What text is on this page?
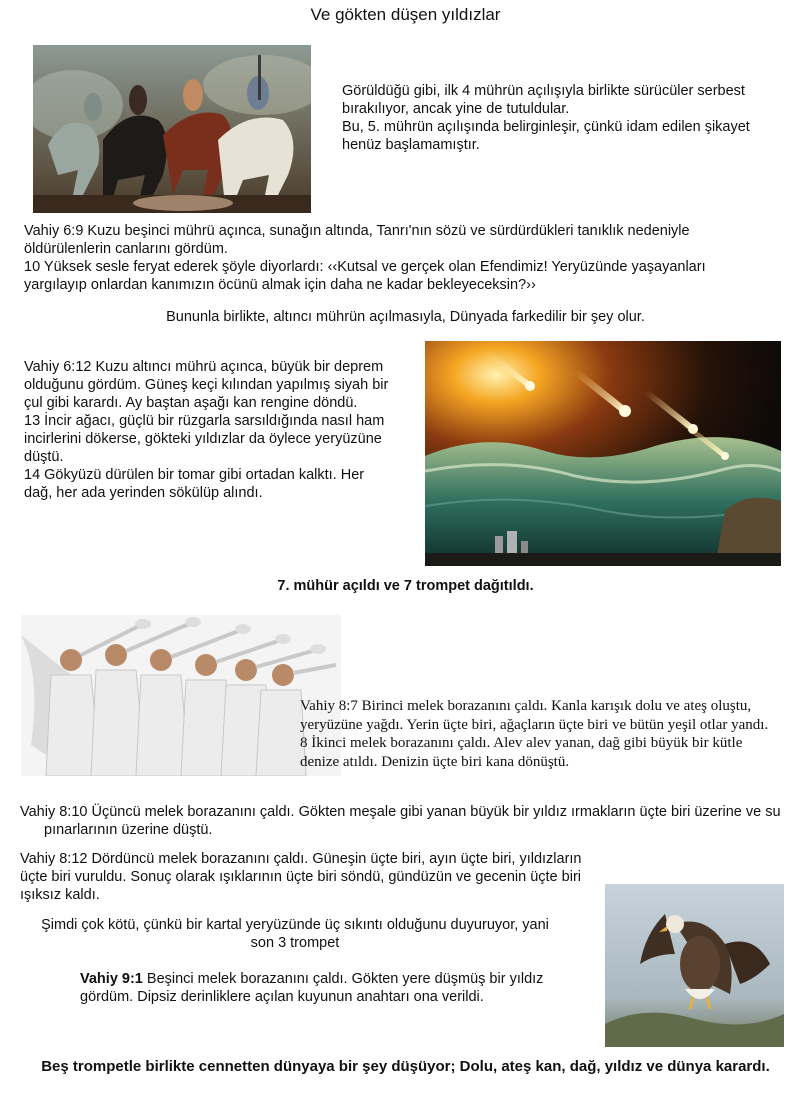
Ve gökten düşen yıldızlar
Görüldüğü gibi, ilk 4 mührün açılışıyla birlikte sürücüler serbest bırakılıyor, ancak yine de tutuldular.
Bu, 5. mührün açılışında belirginleşir, çünkü idam edilen şikayet henüz başlamamıştır.
Vahiy 6:9 Kuzu beşinci mührü açınca, sunağın altında, Tanrı'nın sözü ve sürdürdükleri tanıklık nedeniyle öldürülenlerin canlarını gördüm.
10 Yüksek sesle feryat ederek şöyle diyorlardı: ‹‹Kutsal ve gerçek olan Efendimiz! Yeryüzünde yaşayanları yargılayıp onlardan kanımızın öcünü almak için daha ne kadar bekleyeceksin?››
Bununla birlikte, altıncı mührün açılmasıyla, Dünyada farkedilir bir şey olur.
Vahiy 6:12 Kuzu altıncı mührü açınca, büyük bir deprem olduğunu gördüm. Güneş keçi kılından yapılmış siyah bir çul gibi karardı. Ay baştan aşağı kan rengine döndü.
13 İncir ağacı, güçlü bir rüzgarla sarsıldığında nasıl ham incirlerini dökerse, gökteki yıldızlar da öylece yeryüzüne düştü.
14 Gökyüzü dürülen bir tomar gibi ortadan kalktı. Her dağ, her ada yerinden sökülüp alındı.
7. mühür açıldı ve 7 trompet dağıtıldı.
Vahiy 8:7 Birinci melek borazanını çaldı. Kanla karışık dolu ve ateş oluştu, yeryüzüne yağdı. Yerin üçte biri, ağaçların üçte biri ve bütün yeşil otlar yandı.
8 İkinci melek borazanını çaldı. Alev alev yanan, dağ gibi büyük bir kütle denize atıldı. Denizin üçte biri kana dönüştü.
Vahiy 8:10 Üçüncü melek borazanını çaldı. Gökten meşale gibi yanan büyük bir yıldız ırmakların üçte biri üzerine ve su pınarlarının üzerine düştü.
Vahiy 8:12 Dördüncü melek borazanını çaldı. Güneşin üçte biri, ayın üçte biri, yıldızların üçte biri vuruldu. Sonuç olarak ışıklarının üçte biri söndü, gündüzün ve gecenin üçte biri ışıksız kaldı.
Şimdi çok kötü, çünkü bir kartal yeryüzünde üç sıkıntı olduğunu duyuruyor, yani son 3 trompet
Vahiy 9:1 Beşinci melek borazanını çaldı. Gökten yere düşmüş bir yıldız gördüm. Dipsiz derinliklere açılan kuyunun anahtarı ona verildi.
Beş trompetle birlikte cennetten dünyaya bir şey düşüyor; Dolu, ateş kan, dağ, yıldız ve dünya karardı.
